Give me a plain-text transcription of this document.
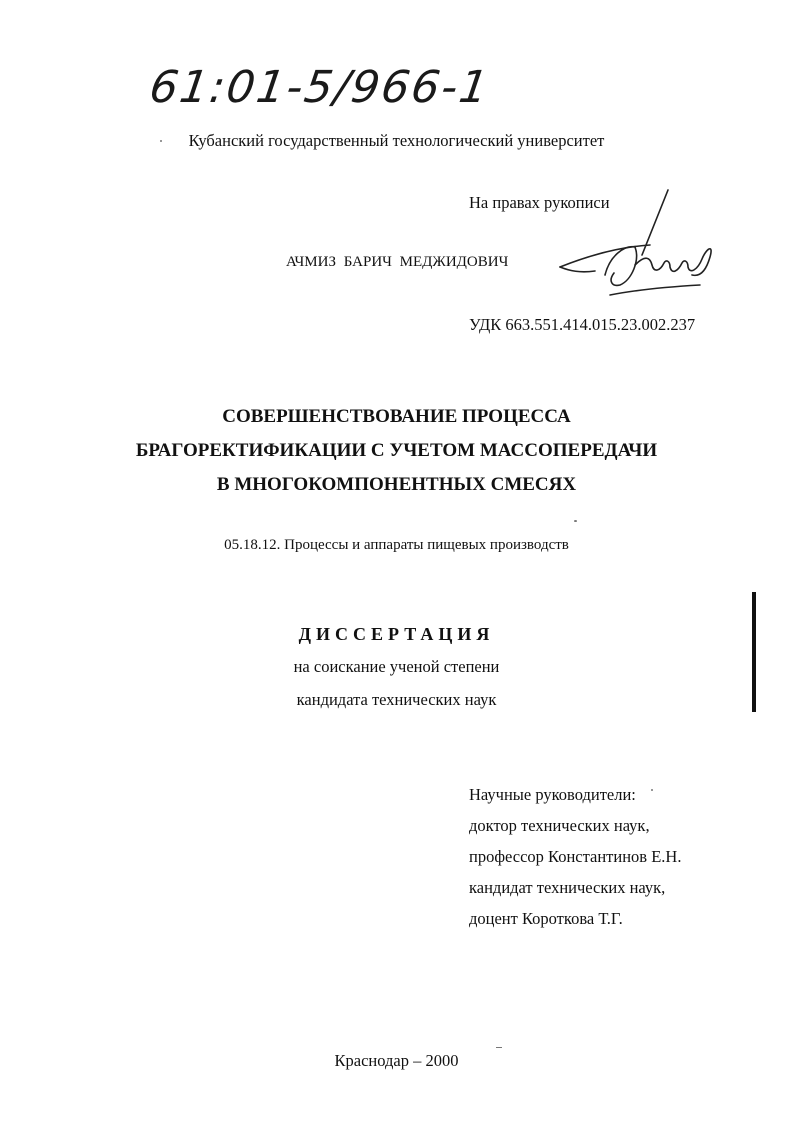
61:01-5/966-1
Кубанский государственный технологический университет
На правах рукописи
АЧМИЗ БАРИЧ МЕДЖИДОВИЧ
УДК 663.551.414.015.23.002.237
СОВЕРШЕНСТВОВАНИЕ ПРОЦЕССА
БРАГОРЕКТИФИКАЦИИ С УЧЕТОМ МАССОПЕРЕДАЧИ
В МНОГОКОМПОНЕНТНЫХ СМЕСЯХ
05.18.12. Процессы и аппараты пищевых производств
ДИССЕРТАЦИЯ
на соискание ученой степени
кандидата технических наук
Научные руководители:
доктор технических наук,
профессор Константинов Е.Н.
кандидат технических наук,
доцент Короткова Т.Г.
Краснодар – 2000
